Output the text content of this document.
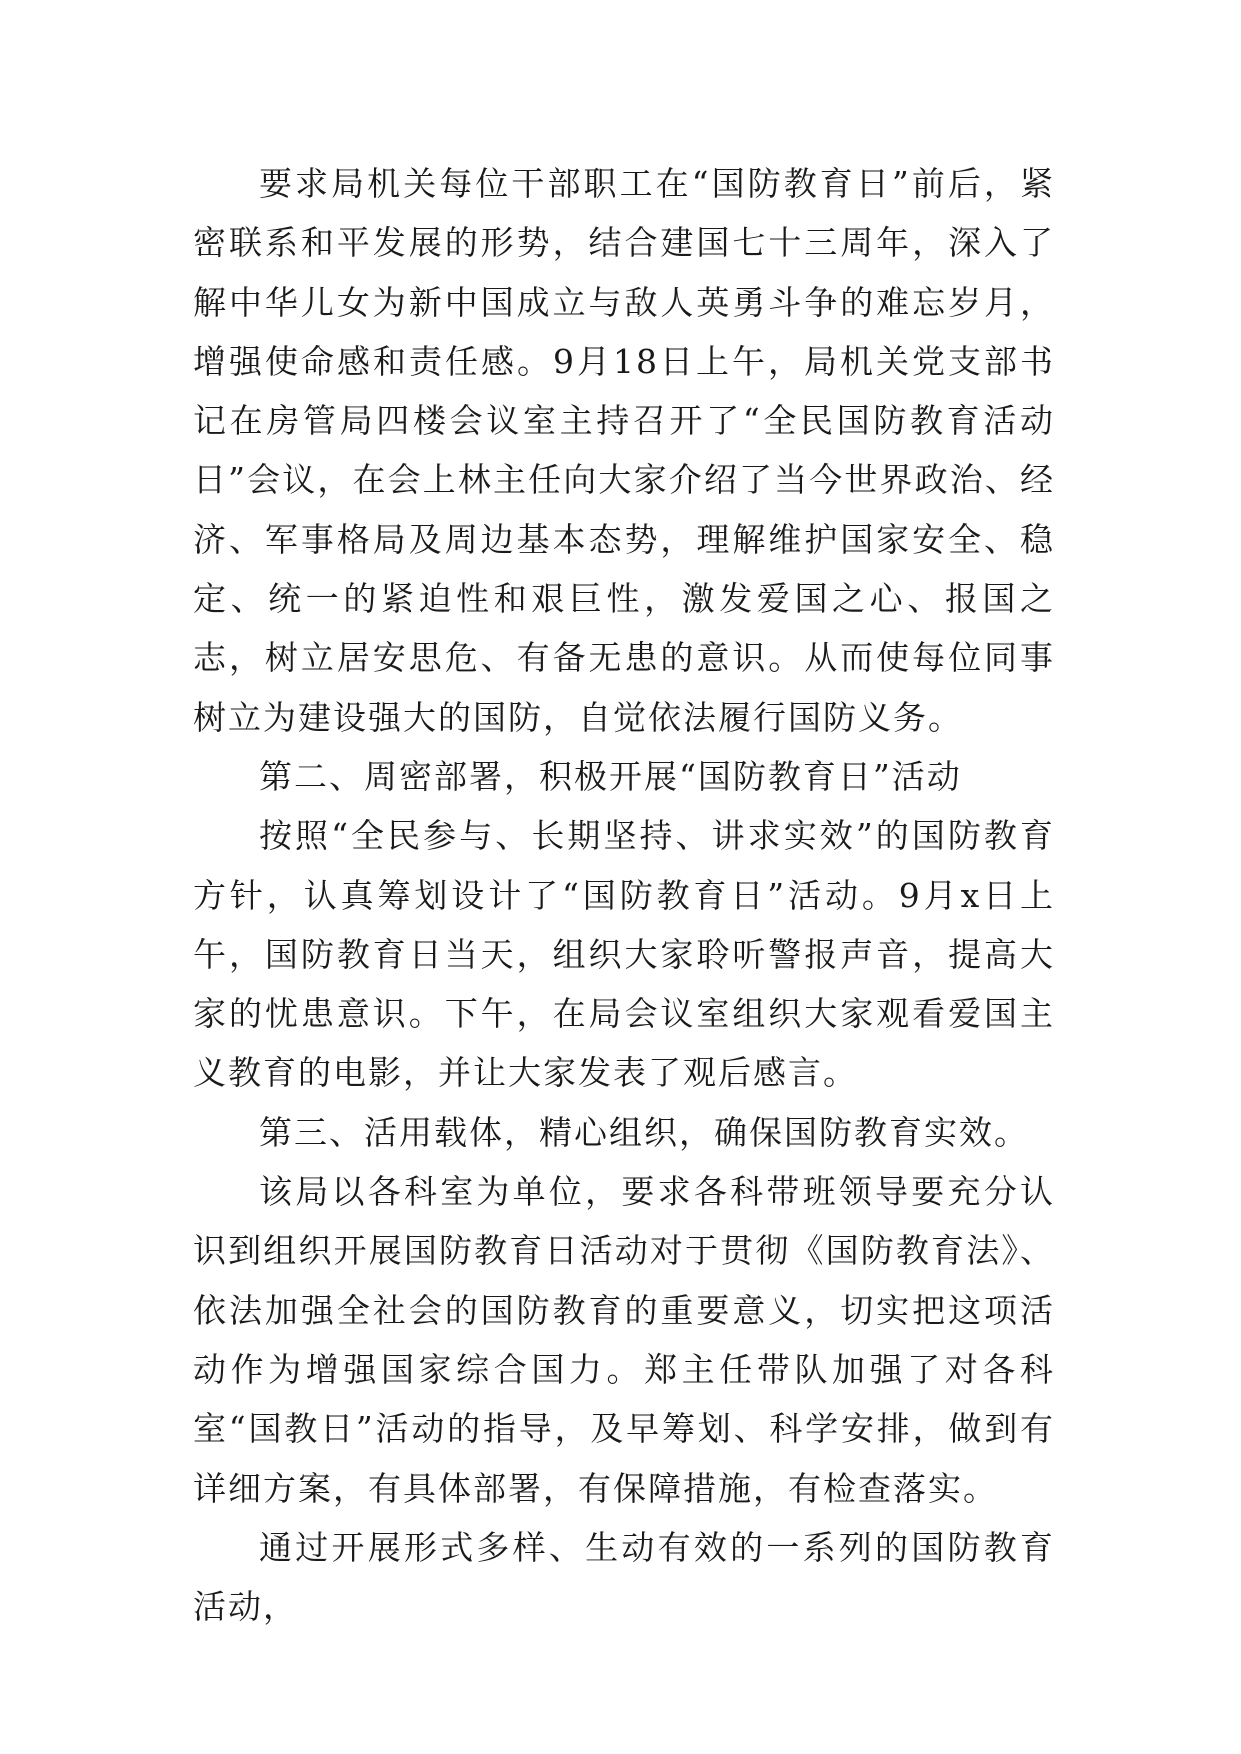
要求局机关每位干部职工在“国防教育日”前后，紧密联系和平发展的形势，结合建国七十三周年，深入了解中华儿女为新中国成立与敌人英勇斗争的难忘岁月，增强使命感和责任感。9月18日上午，局机关党支部书记在房管局四楼会议室主持召开了“全民国防教育活动日”会议，在会上林主任向大家介绍了当今世界政治、经济、军事格局及周边基本态势，理解维护国家安全、稳定、统一的紧迫性和艰巨性，激发爱国之心、报国之志，树立居安思危、有备无患的意识。从而使每位同事树立为建设强大的国防，自觉依法履行国防义务。

第二、周密部署，积极开展“国防教育日”活动

按照“全民参与、长期坚持、讲求实效”的国防教育方针，认真筹划设计了“国防教育日”活动。9月x日上午，国防教育日当天，组织大家聆听警报声音，提高大家的忧患意识。下午，在局会议室组织大家观看爱国主义教育的电影，并让大家发表了观后感言。

第三、活用载体，精心组织，确保国防教育实效。

该局以各科室为单位，要求各科带班领导要充分认识到组织开展国防教育日活动对于贯彻《国防教育法》、依法加强全社会的国防教育的重要意义，切实把这项活动作为增强国家综合国力。郑主任带队加强了对各科室“国教日”活动的指导，及早筹划、科学安排，做到有详细方案，有具体部署，有保障措施，有检查落实。

通过开展形式多样、生动有效的一系列的国防教育活动，
